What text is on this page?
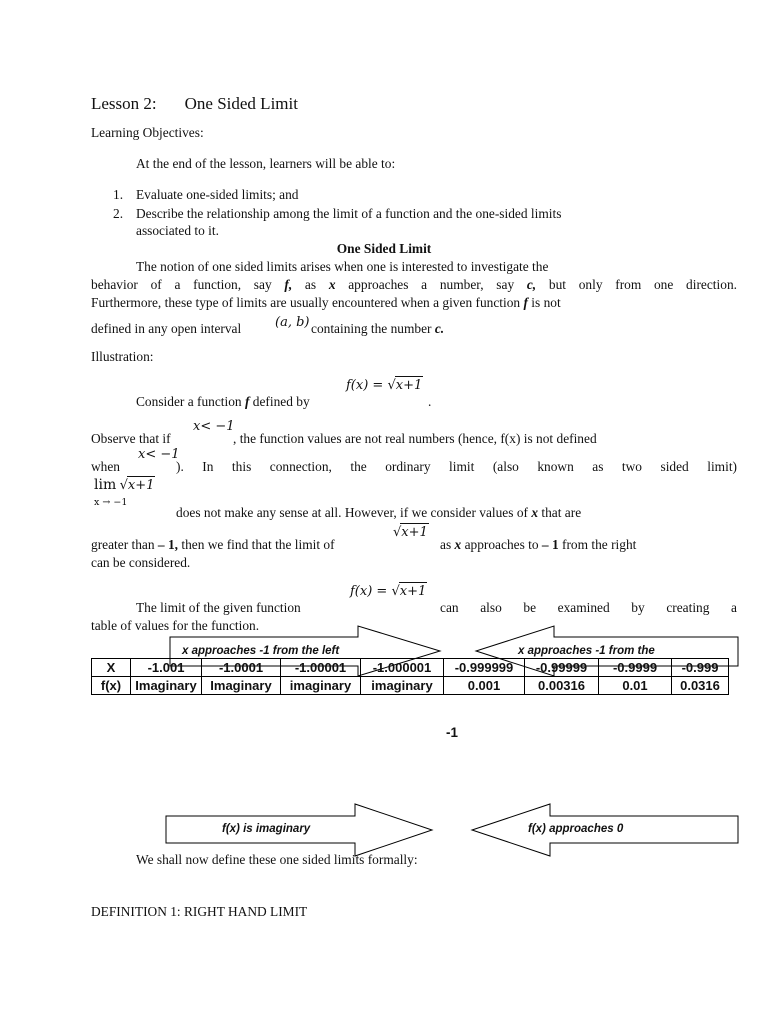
Lesson 2: One Sided Limit
Learning Objectives:
At the end of the lesson, learners will be able to:
1. Evaluate one-sided limits; and
2. Describe the relationship among the limit of a function and the one-sided limits
associated to it.
One Sided Limit
The notion of one sided limits arises when one is interested to investigate the
behavior of a function, say f, as x approaches a number, say c, but only from one direction.
Furthermore, these type of limits are usually encountered when a given function f is not
defined in any open interval	(a, b) containing the number c.
Illustration:
Consider a function f defined by
f(x) = √x+1
.
Observe that if
x< −1
, the function values are not real numbers (hence, f(x) is not defined
when
x< −1
). In this connection, the ordinary limit (also known as two sided limit)
lim √x+1
x → −1
does not make any sense at all. However, if we consider values of x that are
greater than – 1, then we find that the limit of
√x+1
as x approaches to – 1 from the right
can be considered.
f(x) = √x+1
The limit of the given function	can also be examined by creating a
table of values for the function.
x approaches -1 from the left	x approaches -1 from the
X	-1.001	-1.0001	-1.00001	-1.000001	-0.999999	-0.99999	-0.9999	-0.999
f(x)	Imaginary	Imaginary	imaginary	imaginary	0.001	0.00316	0.01	0.0316
-1
f(x) is imaginary	f(x) approaches 0
We shall now define these one sided limits formally:
DEFINITION 1: RIGHT HAND LIMIT
